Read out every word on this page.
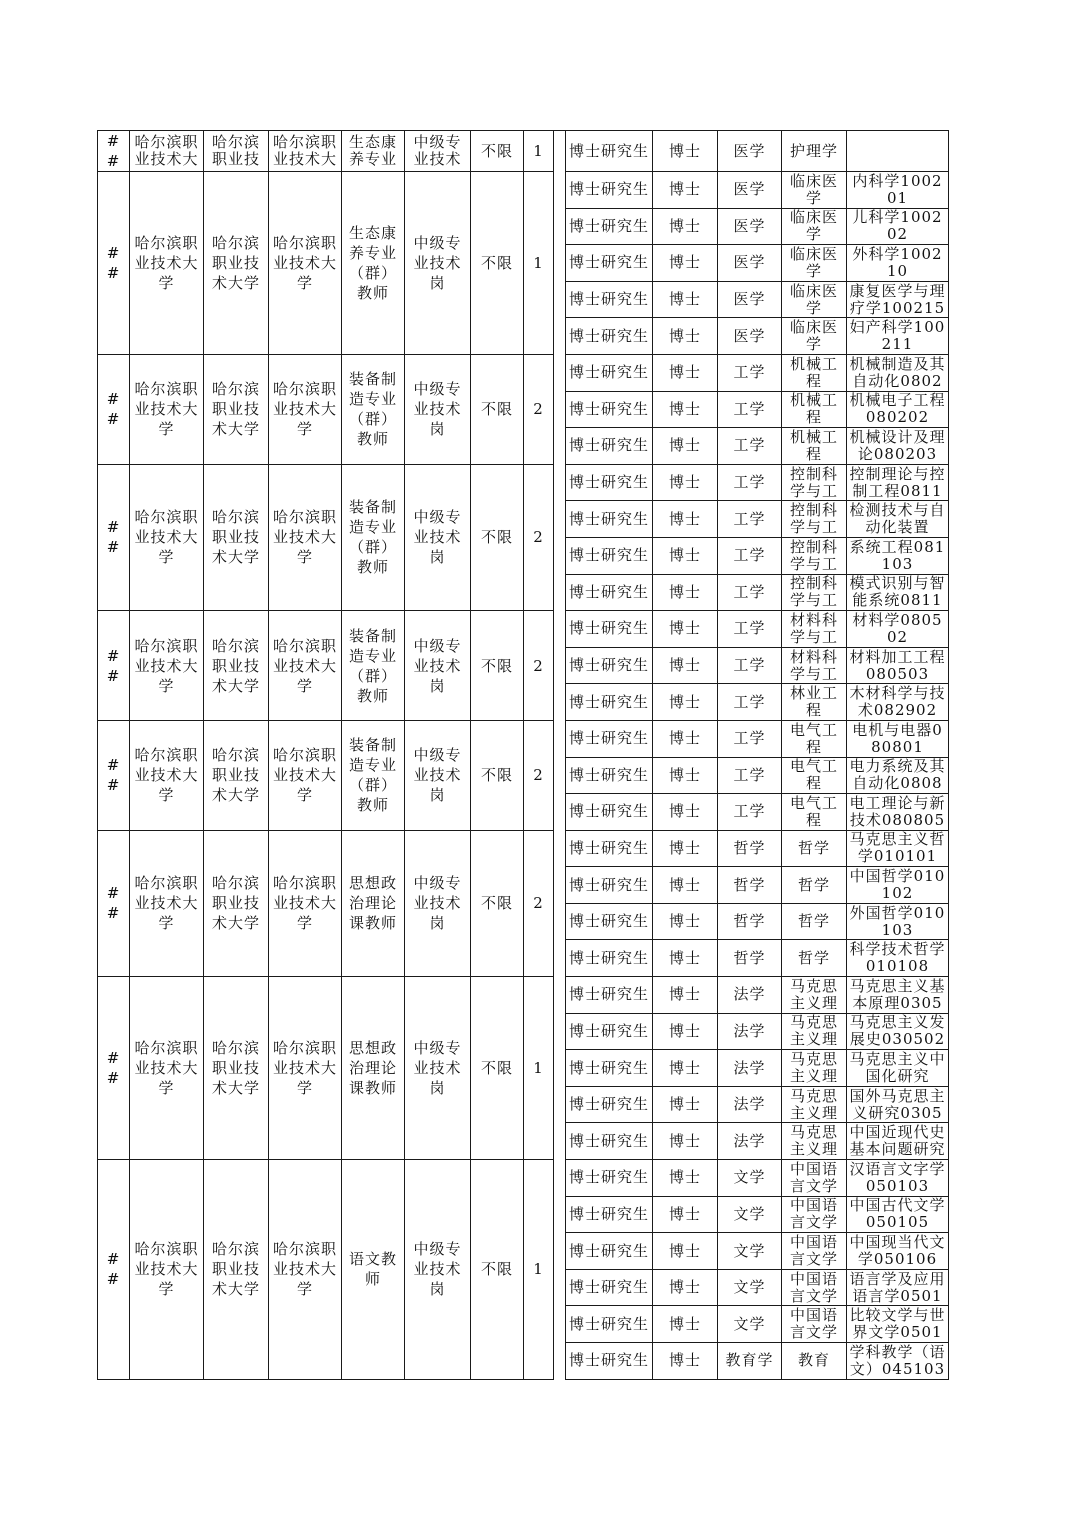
##	哈尔滨职业技术大	哈尔滨职业技	哈尔滨职业技术大	生态康养专业	中级专业技术	不限	1		博士研究生	博士	医学	护理学	

##	哈尔滨职业技术大学	哈尔滨职业技术大学	哈尔滨职业技术大学	生态康养专业（群）教师	中级专业技术岗	不限	1		博士研究生	博士	医学	临床医学	内科学100201

									博士研究生	博士	医学	临床医学	儿科学100202

									博士研究生	博士	医学	临床医学	外科学100210

									博士研究生	博士	医学	临床医学	康复医学与理疗学100215

									博士研究生	博士	医学	临床医学	妇产科学100211

##	哈尔滨职业技术大学	哈尔滨职业技术大学	哈尔滨职业技术大学	装备制造专业（群）教师	中级专业技术岗	不限	2		博士研究生	博士	工学	机械工程	机械制造及其自动化0802

									博士研究生	博士	工学	机械工程	机械电子工程080202

									博士研究生	博士	工学	机械工程	机械设计及理论080203

##	哈尔滨职业技术大学	哈尔滨职业技术大学	哈尔滨职业技术大学	装备制造专业（群）教师	中级专业技术岗	不限	2		博士研究生	博士	工学	控制科学与工	控制理论与控制工程0811

									博士研究生	博士	工学	控制科学与工	检测技术与自动化装置

									博士研究生	博士	工学	控制科学与工	系统工程081103

									博士研究生	博士	工学	控制科学与工	模式识别与智能系统0811

##	哈尔滨职业技术大学	哈尔滨职业技术大学	哈尔滨职业技术大学	装备制造专业（群）教师	中级专业技术岗	不限	2		博士研究生	博士	工学	材料科学与工	材料学080502

									博士研究生	博士	工学	材料科学与工	材料加工工程080503

									博士研究生	博士	工学	林业工程	木材科学与技术082902

##	哈尔滨职业技术大学	哈尔滨职业技术大学	哈尔滨职业技术大学	装备制造专业（群）教师	中级专业技术岗	不限	2		博士研究生	博士	工学	电气工程	电机与电器080801

									博士研究生	博士	工学	电气工程	电力系统及其自动化0808

									博士研究生	博士	工学	电气工程	电工理论与新技术080805

##	哈尔滨职业技术大学	哈尔滨职业技术大学	哈尔滨职业技术大学	思想政治理论课教师	中级专业技术岗	不限	2		博士研究生	博士	哲学	哲学	马克思主义哲学010101

									博士研究生	博士	哲学	哲学	中国哲学010102

									博士研究生	博士	哲学	哲学	外国哲学010103

									博士研究生	博士	哲学	哲学	科学技术哲学010108

##	哈尔滨职业技术大学	哈尔滨职业技术大学	哈尔滨职业技术大学	思想政治理论课教师	中级专业技术岗	不限	1		博士研究生	博士	法学	马克思主义理	马克思主义基本原理0305

									博士研究生	博士	法学	马克思主义理	马克思主义发展史030502

									博士研究生	博士	法学	马克思主义理	马克思主义中国化研究

									博士研究生	博士	法学	马克思主义理	国外马克思主义研究0305

									博士研究生	博士	法学	马克思主义理	中国近现代史基本问题研究

##	哈尔滨职业技术大学	哈尔滨职业技术大学	哈尔滨职业技术大学	语文教师	中级专业技术岗	不限	1		博士研究生	博士	文学	中国语言文学	汉语言文字学050103

									博士研究生	博士	文学	中国语言文学	中国古代文学050105

									博士研究生	博士	文学	中国语言文学	中国现当代文学050106

									博士研究生	博士	文学	中国语言文学	语言学及应用语言学0501

									博士研究生	博士	文学	中国语言文学	比较文学与世界文学0501

									博士研究生	博士	教育学	教育	学科教学（语文）045103
